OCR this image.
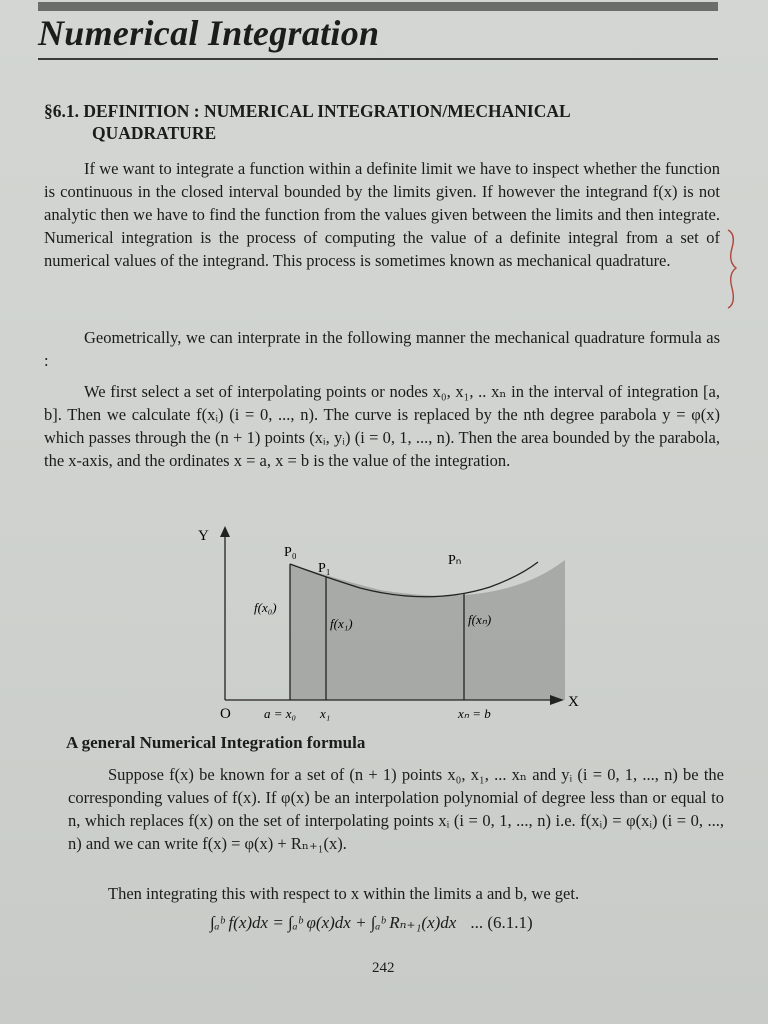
Numerical Integration
§6.1. DEFINITION : NUMERICAL INTEGRATION/MECHANICAL
QUADRATURE
If we want to integrate a function within a definite limit we have to inspect whether the function is continuous in the closed interval bounded by the limits given. If however the integrand f(x) is not analytic then we have to find the function from the values given between the limits and then integrate. Numerical integration is the process of computing the value of a definite integral from a set of numerical values of the integrand. This process is sometimes known as mechanical quadrature.
Geometrically, we can interprate in the following manner the mechanical quadrature formula as :
We first select a set of interpolating points or nodes x₀, x₁, .. xₙ in the interval of integration [a, b]. Then we calculate f(xᵢ) (i = 0, ..., n). The curve is replaced by the nth degree parabola y = φ(x) which passes through the (n + 1) points (xᵢ, yᵢ) (i = 0, 1, ..., n). Then the area bounded by the parabola, the x-axis, and the ordinates x = a, x = b is the value of the integration.
Y
X
O
P₀
P₁
Pₙ
f(x₀)
f(x₁)	f(xₙ)
a = x₀ x₁	xₙ = b
A general Numerical Integration formula
Suppose f(x) be known for a set of (n + 1) points x₀, x₁, ... xₙ and yᵢ (i = 0, 1, ..., n) be the corresponding values of f(x). If φ(x) be an interpolation polynomial of degree less than or equal to n, which replaces f(x) on the set of interpolating points xᵢ (i = 0, 1, ..., n) i.e. f(xᵢ) = φ(xᵢ) (i = 0, ..., n) and we can write f(x) = φ(x) + Rₙ₊₁(x).
Then integrating this with respect to x within the limits a and b, we get.
∫ₐᵇ f(x)dx = ∫ₐᵇ φ(x)dx + ∫ₐᵇ Rₙ₊₁(x)dx ... (6.1.1)
242
